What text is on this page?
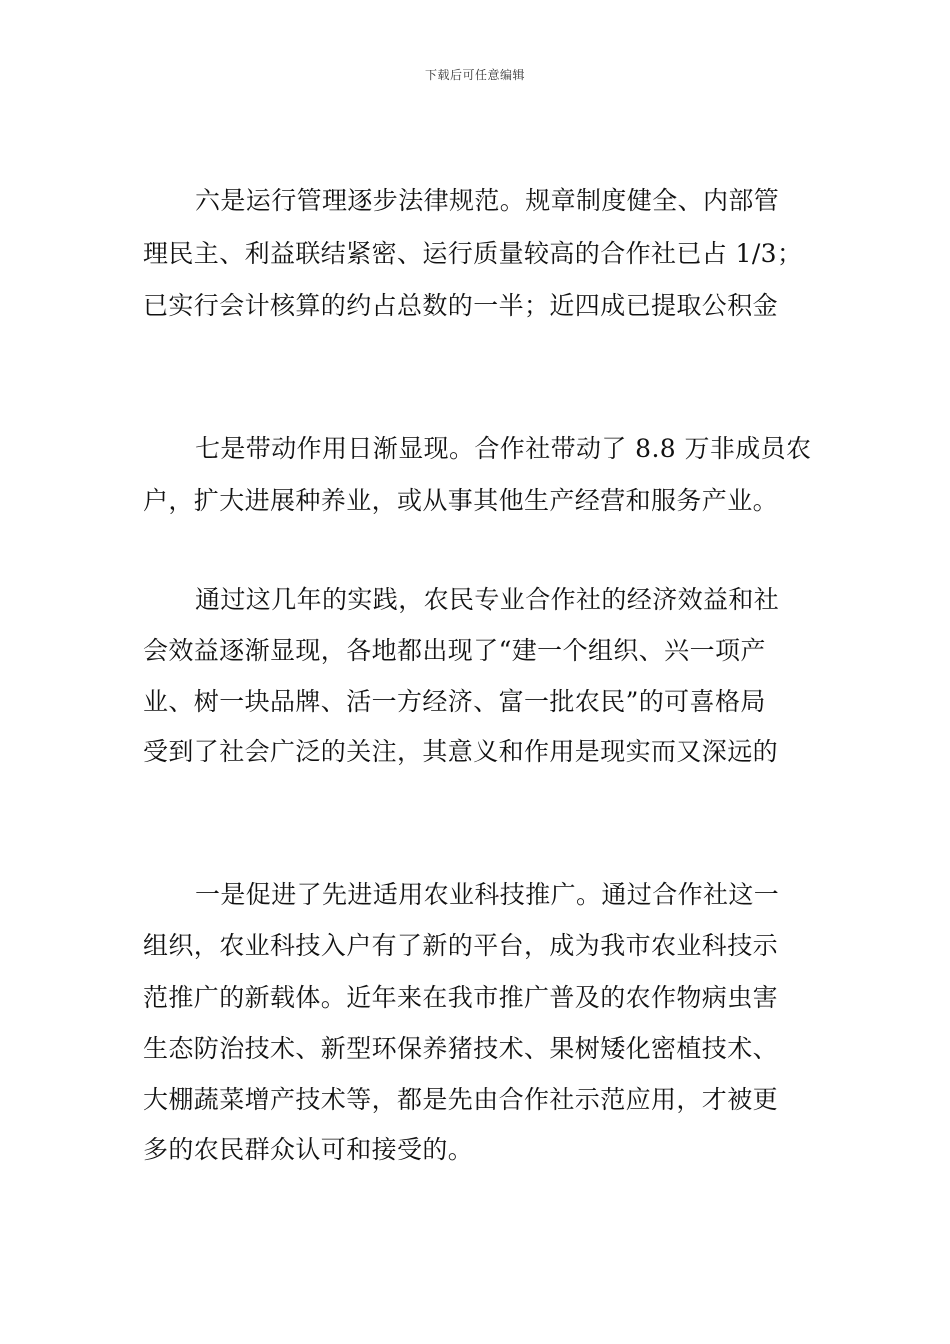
下载后可任意编辑
六是运行管理逐步法律规范。规章制度健全、内部管
理民主、利益联结紧密、运行质量较高的合作社已占 1/3；
已实行会计核算的约占总数的一半；近四成已提取公积金
七是带动作用日渐显现。合作社带动了 8.8 万非成员农
户，扩大进展种养业，或从事其他生产经营和服务产业。
通过这几年的实践，农民专业合作社的经济效益和社
会效益逐渐显现，各地都出现了“建一个组织、兴一项产
业、树一块品牌、活一方经济、富一批农民”的可喜格局
受到了社会广泛的关注，其意义和作用是现实而又深远的
一是促进了先进适用农业科技推广。通过合作社这一
组织，农业科技入户有了新的平台，成为我市农业科技示
范推广的新载体。近年来在我市推广普及的农作物病虫害
生态防治技术、新型环保养猪技术、果树矮化密植技术、
大棚蔬菜增产技术等，都是先由合作社示范应用，才被更
多的农民群众认可和接受的。
